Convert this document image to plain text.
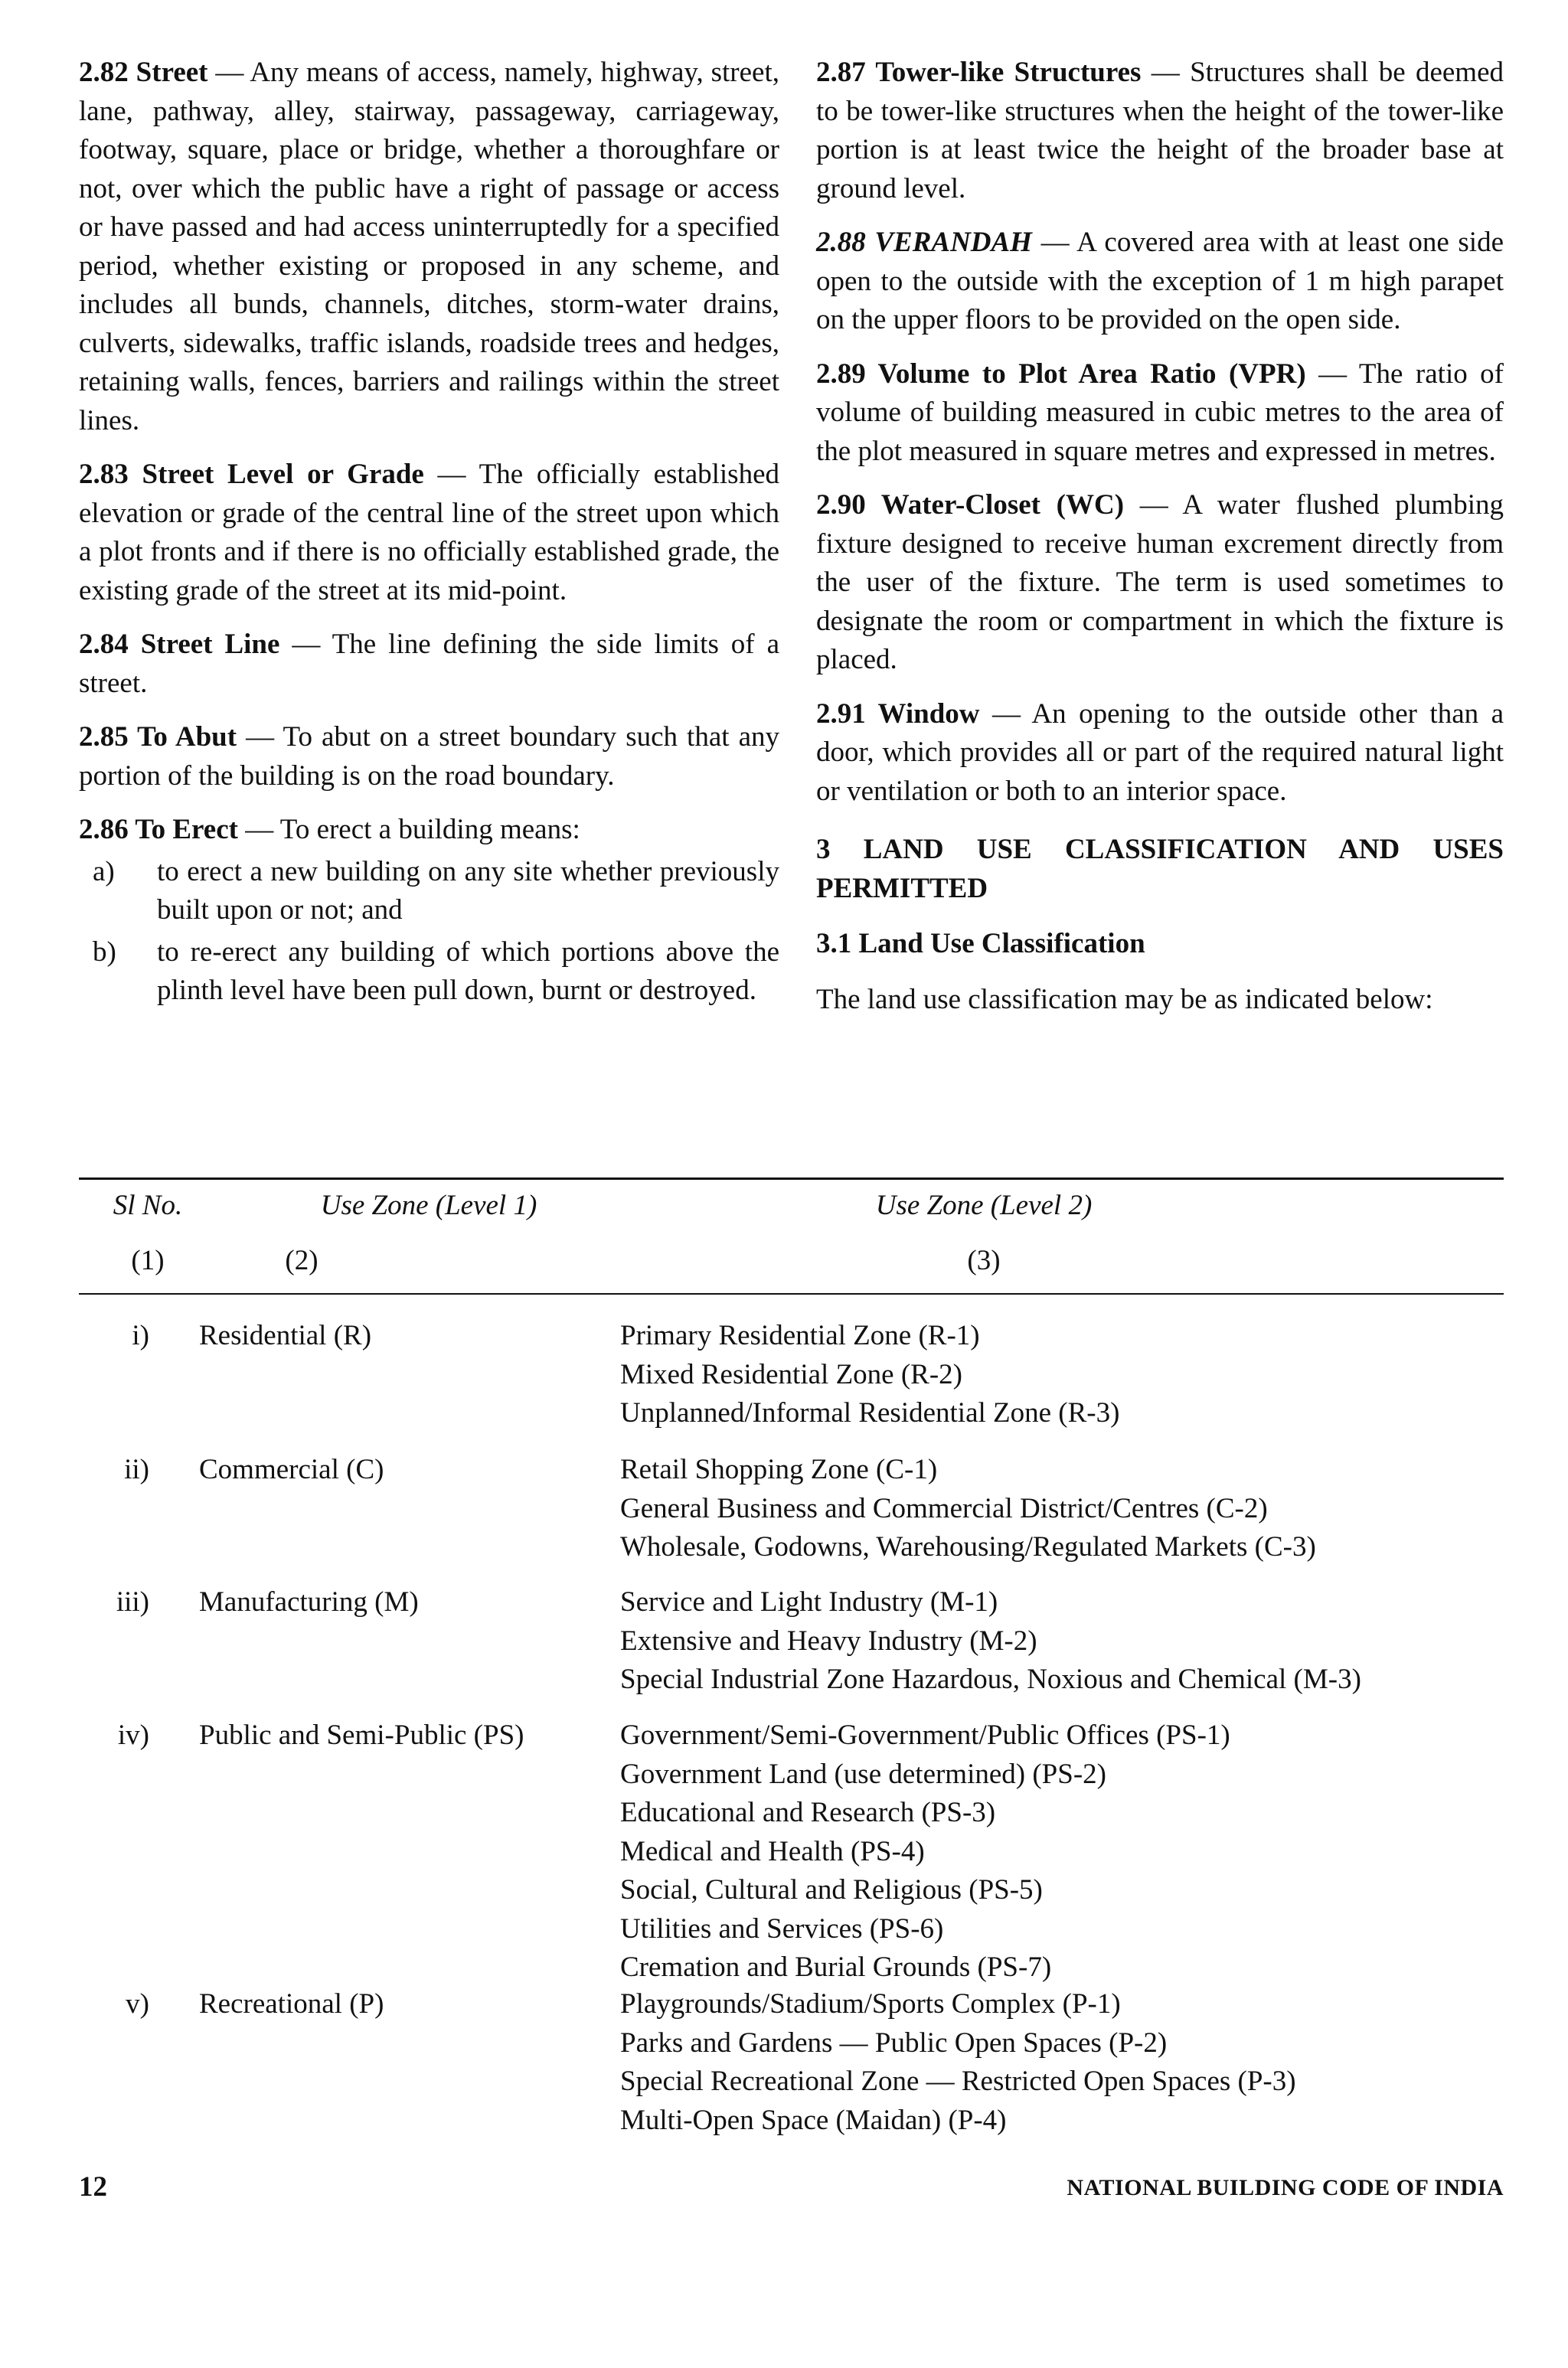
2.82 Street — Any means of access, namely, highway, street, lane, pathway, alley, stairway, passageway, carriageway, footway, square, place or bridge, whether a thoroughfare or not, over which the public have a right of passage or access or have passed and had access uninterruptedly for a specified period, whether existing or proposed in any scheme, and includes all bunds, channels, ditches, storm-water drains, culverts, sidewalks, traffic islands, roadside trees and hedges, retaining walls, fences, barriers and railings within the street lines.

2.83 Street Level or Grade — The officially established elevation or grade of the central line of the street upon which a plot fronts and if there is no officially established grade, the existing grade of the street at its mid-point.

2.84 Street Line — The line defining the side limits of a street.

2.85 To Abut — To abut on a street boundary such that any portion of the building is on the road boundary.

2.86 To Erect — To erect a building means:

a)	to erect a new building on any site whether previously built upon or not; and
b)	to re-erect any building of which portions above the plinth level have been pull down, burnt or destroyed.

2.87 Tower-like Structures — Structures shall be deemed to be tower-like structures when the height of the tower-like portion is at least twice the height of the broader base at ground level.

2.88 VERANDAH — A covered area with at least one side open to the outside with the exception of 1 m high parapet on the upper floors to be provided on the open side.

2.89 Volume to Plot Area Ratio (VPR) — The ratio of volume of building measured in cubic metres to the area of the plot measured in square metres and expressed in metres.

2.90 Water-Closet (WC) — A water flushed plumbing fixture designed to receive human excrement directly from the user of the fixture. The term is used sometimes to designate the room or compartment in which the fixture is placed.

2.91 Window — An opening to the outside other than a door, which provides all or part of the required natural light or ventilation or both to an interior space.

3 LAND USE CLASSIFICATION AND USES PERMITTED
3.1 Land Use Classification

The land use classification may be as indicated below:

Sl No.	Use Zone (Level 1)	Use Zone (Level 2)
(1)	(2)	(3)
i) Residential (R)	Primary Residential Zone (R-1)
Mixed Residential Zone (R-2)
Unplanned/Informal Residential Zone (R-3)
ii) Commercial (C)	Retail Shopping Zone (C-1)
General Business and Commercial District/Centres (C-2)
Wholesale, Godowns, Warehousing/Regulated Markets (C-3)
iii) Manufacturing (M)	Service and Light Industry (M-1)
Extensive and Heavy Industry (M-2)
Special Industrial Zone Hazardous, Noxious and Chemical (M-3)
iv) Public and Semi-Public (PS)	Government/Semi-Government/Public Offices (PS-1)
Government Land (use determined) (PS-2)
Educational and Research (PS-3)
Medical and Health (PS-4)
Social, Cultural and Religious (PS-5)
Utilities and Services (PS-6)
Cremation and Burial Grounds (PS-7)
v) Recreational (P)	Playgrounds/Stadium/Sports Complex (P-1)
Parks and Gardens — Public Open Spaces (P-2)
Special Recreational Zone — Restricted Open Spaces (P-3)
Multi-Open Space (Maidan) (P-4)
12	NATIONAL BUILDING CODE OF INDIA
